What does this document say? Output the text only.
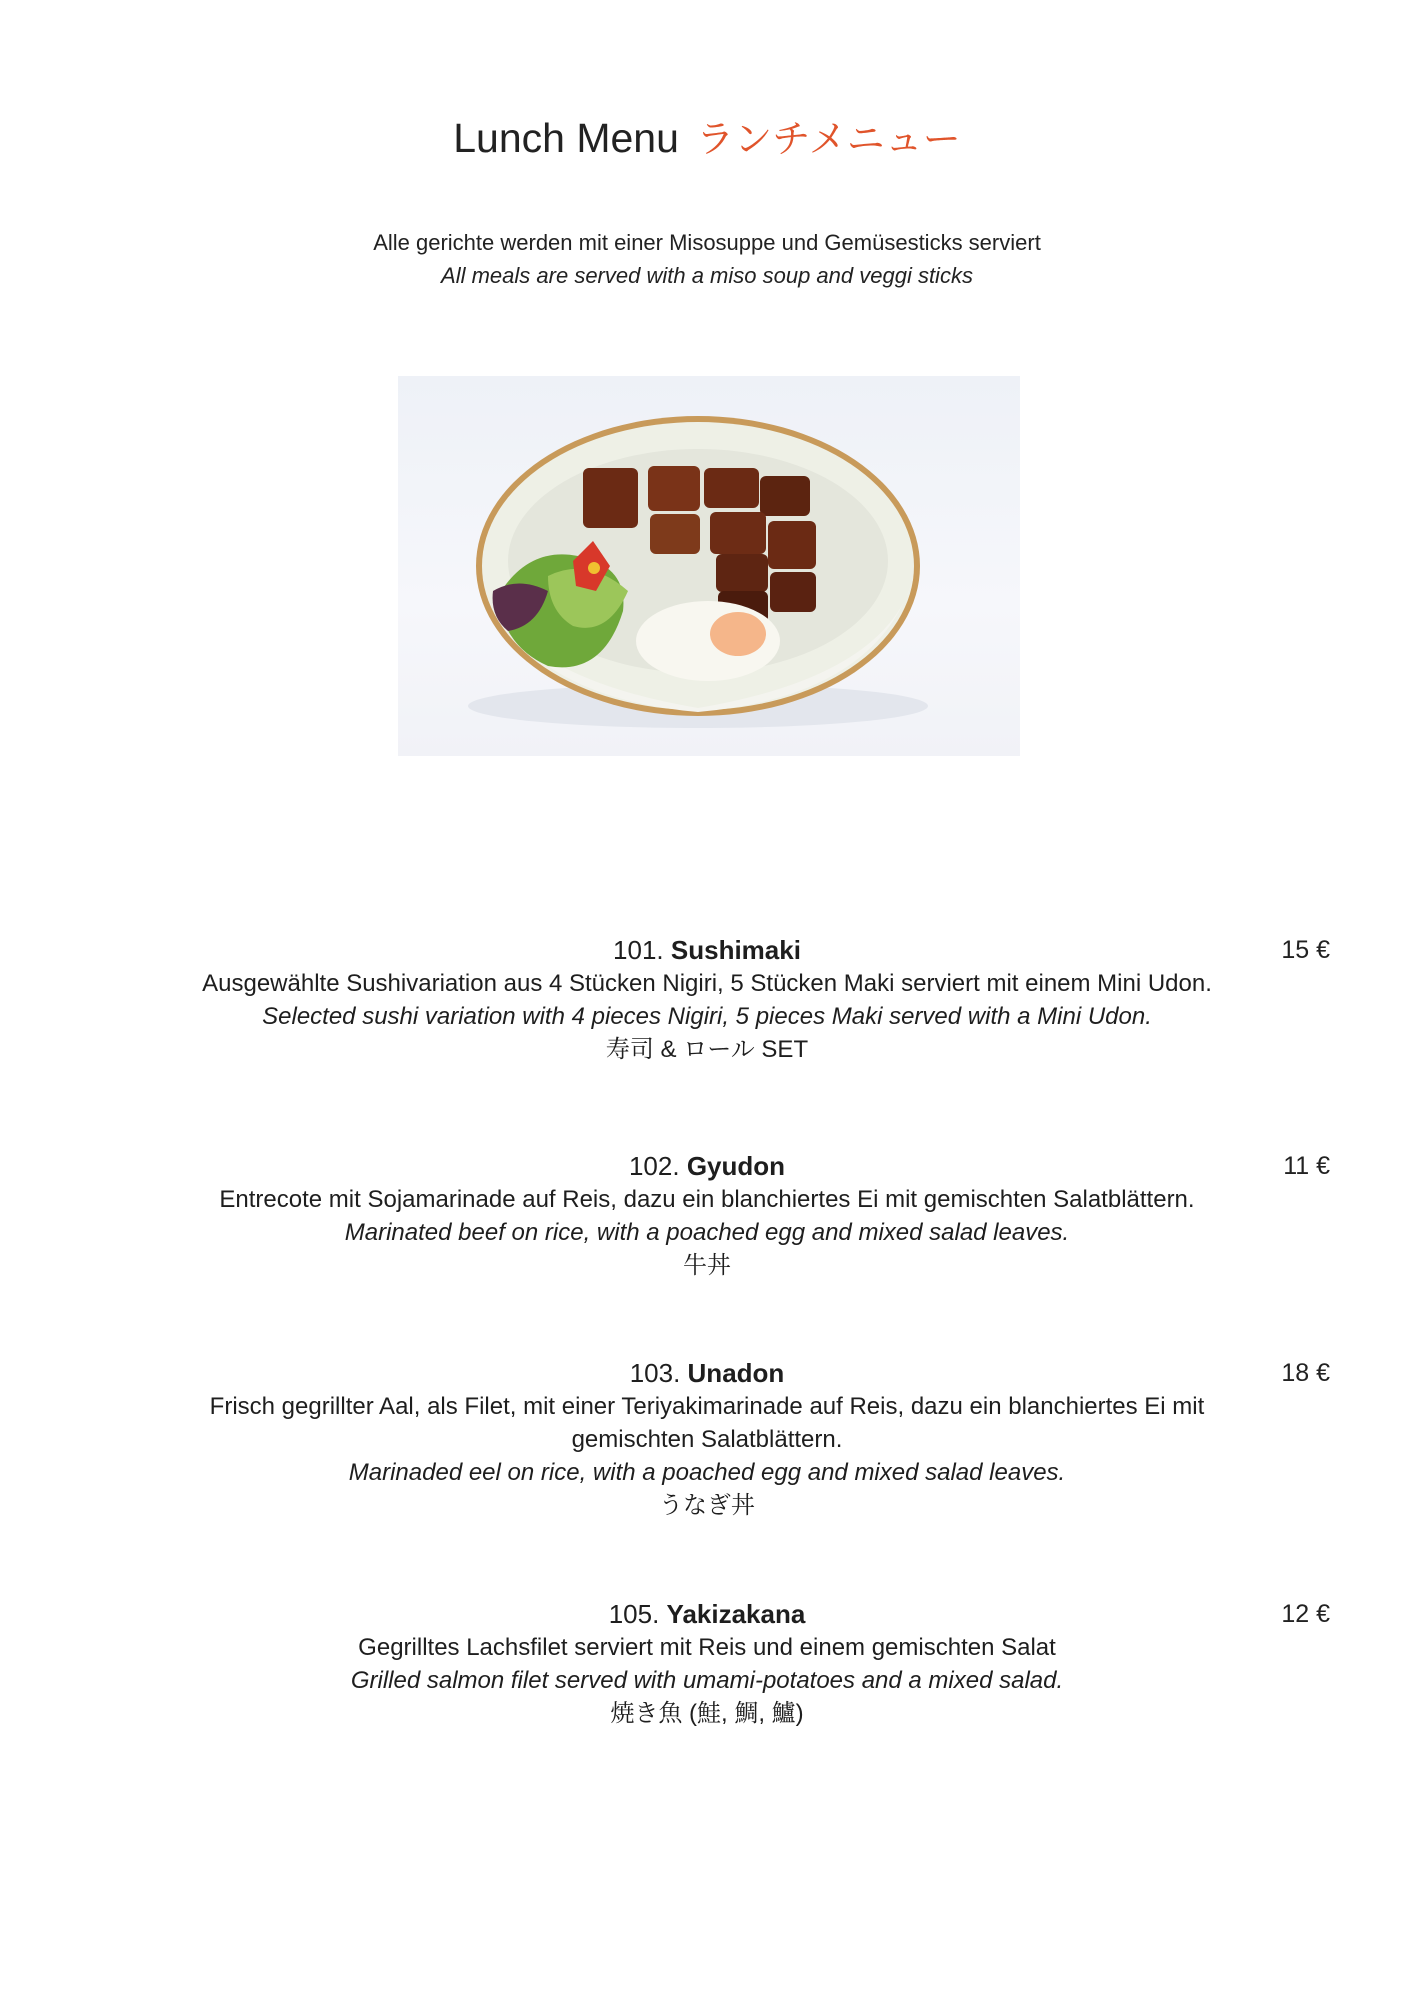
Lunch Menu ランチメニュー
Alle gerichte werden mit einer Misosuppe und Gemüsesticks serviert
All meals are served with a miso soup and veggi sticks
101. Sushimaki
Ausgewählte Sushivariation aus 4 Stücken Nigiri, 5 Stücken Maki serviert mit einem Mini Udon.
Selected sushi variation with 4 pieces Nigiri, 5 pieces Maki served with a Mini Udon.
寿司 & ロール SET
15 €
102. Gyudon
Entrecote mit Sojamarinade auf Reis, dazu ein blanchiertes Ei mit gemischten Salatblättern.
Marinated beef on rice, with a poached egg and mixed salad leaves.
牛丼
11 €
103. Unadon
Frisch gegrillter Aal, als Filet, mit einer Teriyakimarinade auf Reis, dazu ein blanchiertes Ei mit gemischten Salatblättern.
Marinaded eel on rice, with a poached egg and mixed salad leaves.
うなぎ丼
18 €
105. Yakizakana
Gegrilltes Lachsfilet serviert mit Reis und einem gemischten Salat
Grilled salmon filet served with umami-potatoes and a mixed salad.
焼き魚 (鮭, 鯛, 鱸)
12 €
